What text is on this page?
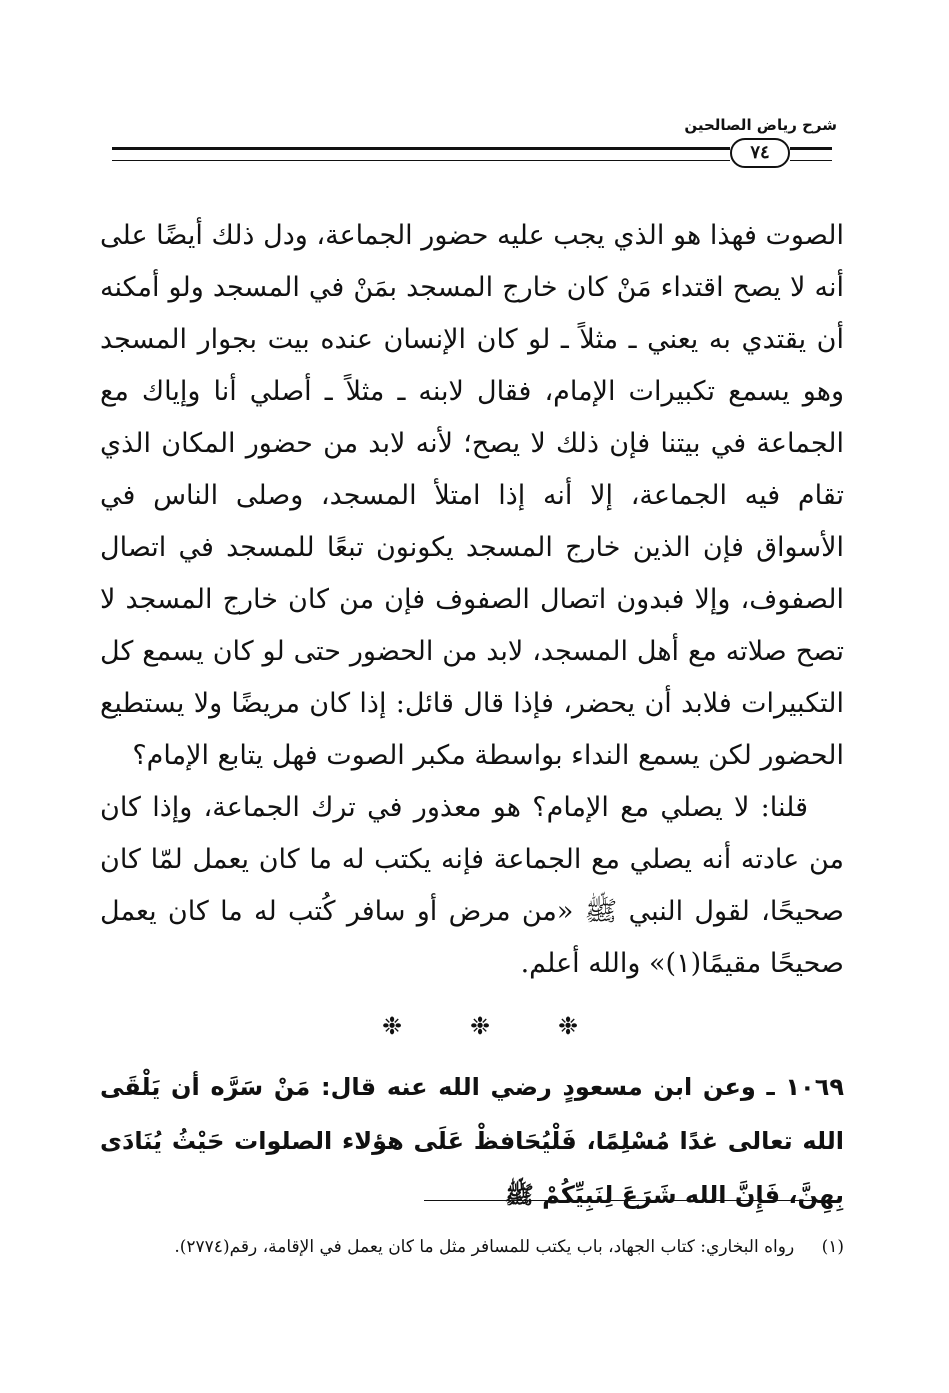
شرح رياض الصالحين
٧٤

الصوت فهذا هو الذي يجب عليه حضور الجماعة، ودل ذلك أيضًا على أنه لا يصح اقتداء مَنْ كان خارج المسجد بمَنْ في المسجد ولو أمكنه أن يقتدي به يعني ـ مثلاً ـ لو كان الإنسان عنده بيت بجوار المسجد وهو يسمع تكبيرات الإمام، فقال لابنه ـ مثلاً ـ أصلي أنا وإياك مع الجماعة في بيتنا فإن ذلك لا يصح؛ لأنه لابد من حضور المكان الذي تقام فيه الجماعة، إلا أنه إذا امتلأ المسجد، وصلى الناس في الأسواق فإن الذين خارج المسجد يكونون تبعًا للمسجد في اتصال الصفوف، وإلا فبدون اتصال الصفوف فإن من كان خارج المسجد لا تصح صلاته مع أهل المسجد، لابد من الحضور حتى لو كان يسمع كل التكبيرات فلابد أن يحضر، فإذا قال قائل: إذا كان مريضًا ولا يستطيع الحضور لكن يسمع النداء بواسطة مكبر الصوت فهل يتابع الإمام؟

قلنا: لا يصلي مع الإمام؟ هو معذور في ترك الجماعة، وإذا كان من عادته أنه يصلي مع الجماعة فإنه يكتب له ما كان يعمل لمّا كان صحيحًا، لقول النبي ﷺ «من مرض أو سافر كُتب له ما كان يعمل صحيحًا مقيمًا(١)» والله أعلم.

❉	❉	❉
١٠٦٩ ـ وعن ابن مسعودٍ رضي الله عنه قال: مَنْ سَرَّه أن يَلْقَى الله تعالى غدًا مُسْلِمًا، فَلْيُحَافظْ عَلَى هؤلاء الصلوات حَيْثُ يُنَادَى بِهِنَّ، فَإِنَّ الله شَرَعَ لِنَبِيِّكُمْ ﷺ
(١) رواه البخاري: كتاب الجهاد، باب يكتب للمسافر مثل ما كان يعمل في الإقامة، رقم(٢٧٧٤).
